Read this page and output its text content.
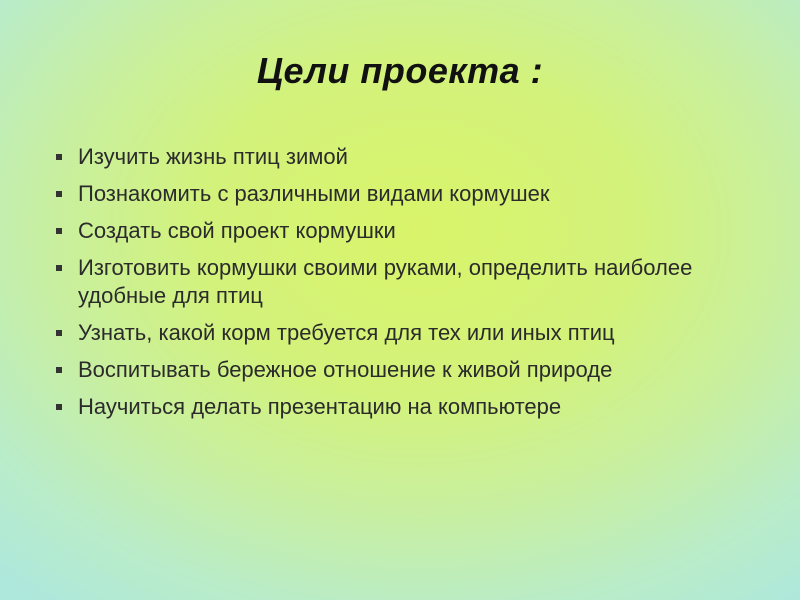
Цели проекта :
Изучить жизнь птиц зимой
Познакомить с различными видами кормушек
Создать свой проект кормушки
Изготовить кормушки своими руками, определить наиболее удобные для птиц
Узнать, какой корм требуется для тех или иных птиц
Воспитывать бережное отношение к живой природе
Научиться делать презентацию на компьютере
